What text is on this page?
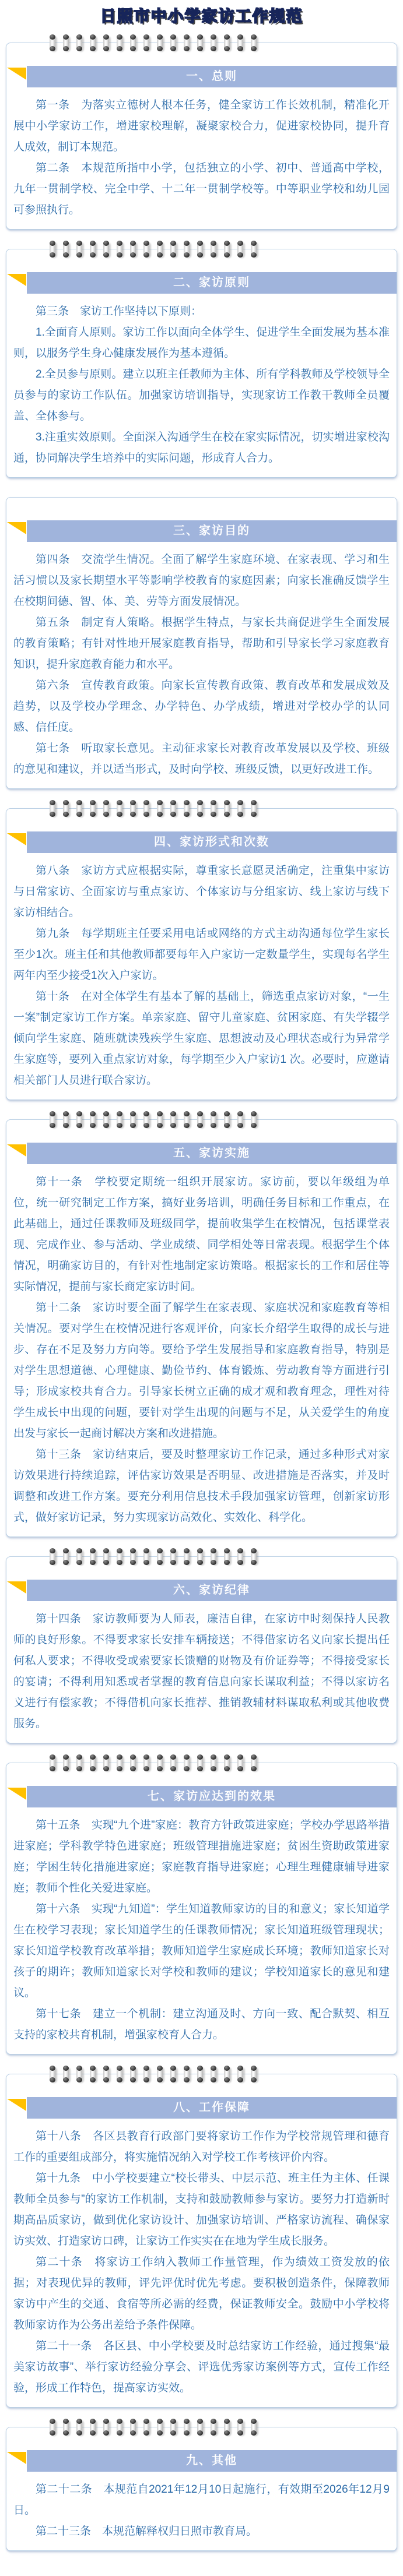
日照市中小学家访工作规范
一、总则

第一条　为落实立德树人根本任务，健全家访工作长效机制，精准化开展中小学家访工作，增进家校理解，凝聚家校合力，促进家校协同，提升育人成效，制订本规范。

第二条　本规范所指中小学，包括独立的小学、初中、普通高中学校，九年一贯制学校、完全中学、十二年一贯制学校等。中等职业学校和幼儿园可参照执行。

二、家访原则

第三条　家访工作坚持以下原则：

1.全面育人原则。家访工作以面向全体学生、促进学生全面发展为基本准则，以服务学生身心健康发展作为基本遵循。

2.全员参与原则。建立以班主任教师为主体、所有学科教师及学校领导全员参与的家访工作队伍。加强家访培训指导，实现家访工作教干教师全员覆盖、全体参与。

3.注重实效原则。全面深入沟通学生在校在家实际情况，切实增进家校沟通，协同解决学生培养中的实际问题，形成育人合力。

三、家访目的

第四条　交流学生情况。全面了解学生家庭环境、在家表现、学习和生活习惯以及家长期望水平等影响学校教育的家庭因素；向家长准确反馈学生在校期间德、智、体、美、劳等方面发展情况。

第五条　制定育人策略。根据学生特点，与家长共商促进学生全面发展的教育策略；有针对性地开展家庭教育指导，帮助和引导家长学习家庭教育知识，提升家庭教育能力和水平。

第六条　宣传教育政策。向家长宣传教育政策、教育改革和发展成效及趋势，以及学校办学理念、办学特色、办学成绩，增进对学校办学的认同感、信任度。

第七条　听取家长意见。主动征求家长对教育改革发展以及学校、班级的意见和建议，并以适当形式，及时向学校、班级反馈，以更好改进工作。

四、家访形式和次数

第八条　家访方式应根据实际，尊重家长意愿灵活确定，注重集中家访与日常家访、全面家访与重点家访、个体家访与分组家访、线上家访与线下家访相结合。

第九条　每学期班主任要采用电话或网络的方式主动沟通每位学生家长至少1次。班主任和其他教师都要每年入户家访一定数量学生，实现每名学生两年内至少接受1次入户家访。

第十条　在对全体学生有基本了解的基础上，筛选重点家访对象，“一生一案”制定家访工作方案。单亲家庭、留守儿童家庭、贫困家庭、有失学辍学倾向学生家庭、随班就读残疾学生家庭、思想波动及心理状态或行为异常学生家庭等，要列入重点家访对象，每学期至少入户家访1 次。必要时，应邀请相关部门人员进行联合家访。

五、家访实施

第十一条　学校要定期统一组织开展家访。家访前，要以年级组为单位，统一研究制定工作方案，搞好业务培训，明确任务目标和工作重点，在此基础上，通过任课教师及班级同学，提前收集学生在校情况，包括课堂表现、完成作业、参与活动、学业成绩、同学相处等日常表现。根据学生个体情况，明确家访目的，有针对性地制定家访策略。根据家长的工作和居住等实际情况，提前与家长商定家访时间。

第十二条　家访时要全面了解学生在家表现、家庭状况和家庭教育等相关情况。要对学生在校情况进行客观评价，向家长介绍学生取得的成长与进步、存在不足及努力方向等。要给予学生发展指导和家庭教育指导，特别是对学生思想道德、心理健康、勤俭节约、体育锻炼、劳动教育等方面进行引导；形成家校共育合力。引导家长树立正确的成才观和教育理念，理性对待学生成长中出现的问题，要针对学生出现的问题与不足，从关爱学生的角度出发与家长一起商讨解决方案和改进措施。

第十三条　家访结束后，要及时整理家访工作记录，通过多种形式对家访效果进行持续追踪，评估家访效果是否明显、改进措施是否落实，并及时调整和改进工作方案。要充分利用信息技术手段加强家访管理，创新家访形式，做好家访记录，努力实现家访高效化、实效化、科学化。

六、家访纪律

第十四条　家访教师要为人师表，廉洁自律，在家访中时刻保持人民教师的良好形象。不得要求家长安排车辆接送；不得借家访名义向家长提出任何私人要求；不得收受或索要家长馈赠的财物及有价证券等；不得接受家长的宴请；不得利用知悉或者掌握的教育信息向家长谋取利益；不得以家访名义进行有偿家教；不得借机向家长推荐、推销教辅材料谋取私利或其他收费服务。

七、家访应达到的效果

第十五条　实现“九个进”家庭：教育方针政策进家庭；学校办学思路举措进家庭；学科教学特色进家庭；班级管理措施进家庭；贫困生资助政策进家庭；学困生转化措施进家庭；家庭教育指导进家庭；心理生理健康辅导进家庭；教师个性化关爱进家庭。

第十六条　实现“九知道”：学生知道教师家访的目的和意义；家长知道学生在校学习表现；家长知道学生的任课教师情况；家长知道班级管理现状；家长知道学校教育改革举措；教师知道学生家庭成长环境；教师知道家长对孩子的期许；教师知道家长对学校和教师的建议；学校知道家长的意见和建议。

第十七条　建立一个机制：建立沟通及时、方向一致、配合默契、相互支持的家校共育机制，增强家校育人合力。

八、工作保障

第十八条　各区县教育行政部门要将家访工作作为学校常规管理和德育工作的重要组成部分，将实施情况纳入对学校工作考核评价内容。

第十九条　中小学校要建立“校长带头、中层示范、班主任为主体、任课教师全员参与”的家访工作机制，支持和鼓励教师参与家访。要努力打造新时期高品质家访，做到优化家访设计、加强家访培训、严格家访流程、确保家访实效、打造家访口碑，让家访工作实实在在地为学生成长服务。

第二十条　将家访工作纳入教师工作量管理，作为绩效工资发放的依据；对表现优异的教师，评先评优时优先考虑。要积极创造条件，保障教师家访中产生的交通、食宿等所必需的经费，保证教师安全。鼓励中小学校将教师家访作为公务出差给予条件保障。

第二十一条　各区县、中小学校要及时总结家访工作经验，通过搜集“最美家访故事”、举行家访经验分享会、评选优秀家访案例等方式，宣传工作经验，形成工作特色，提高家访实效。

九、其他

第二十二条　本规范自2021年12月10日起施行，有效期至2026年12月9日。

第二十三条　本规范解释权归日照市教育局。
